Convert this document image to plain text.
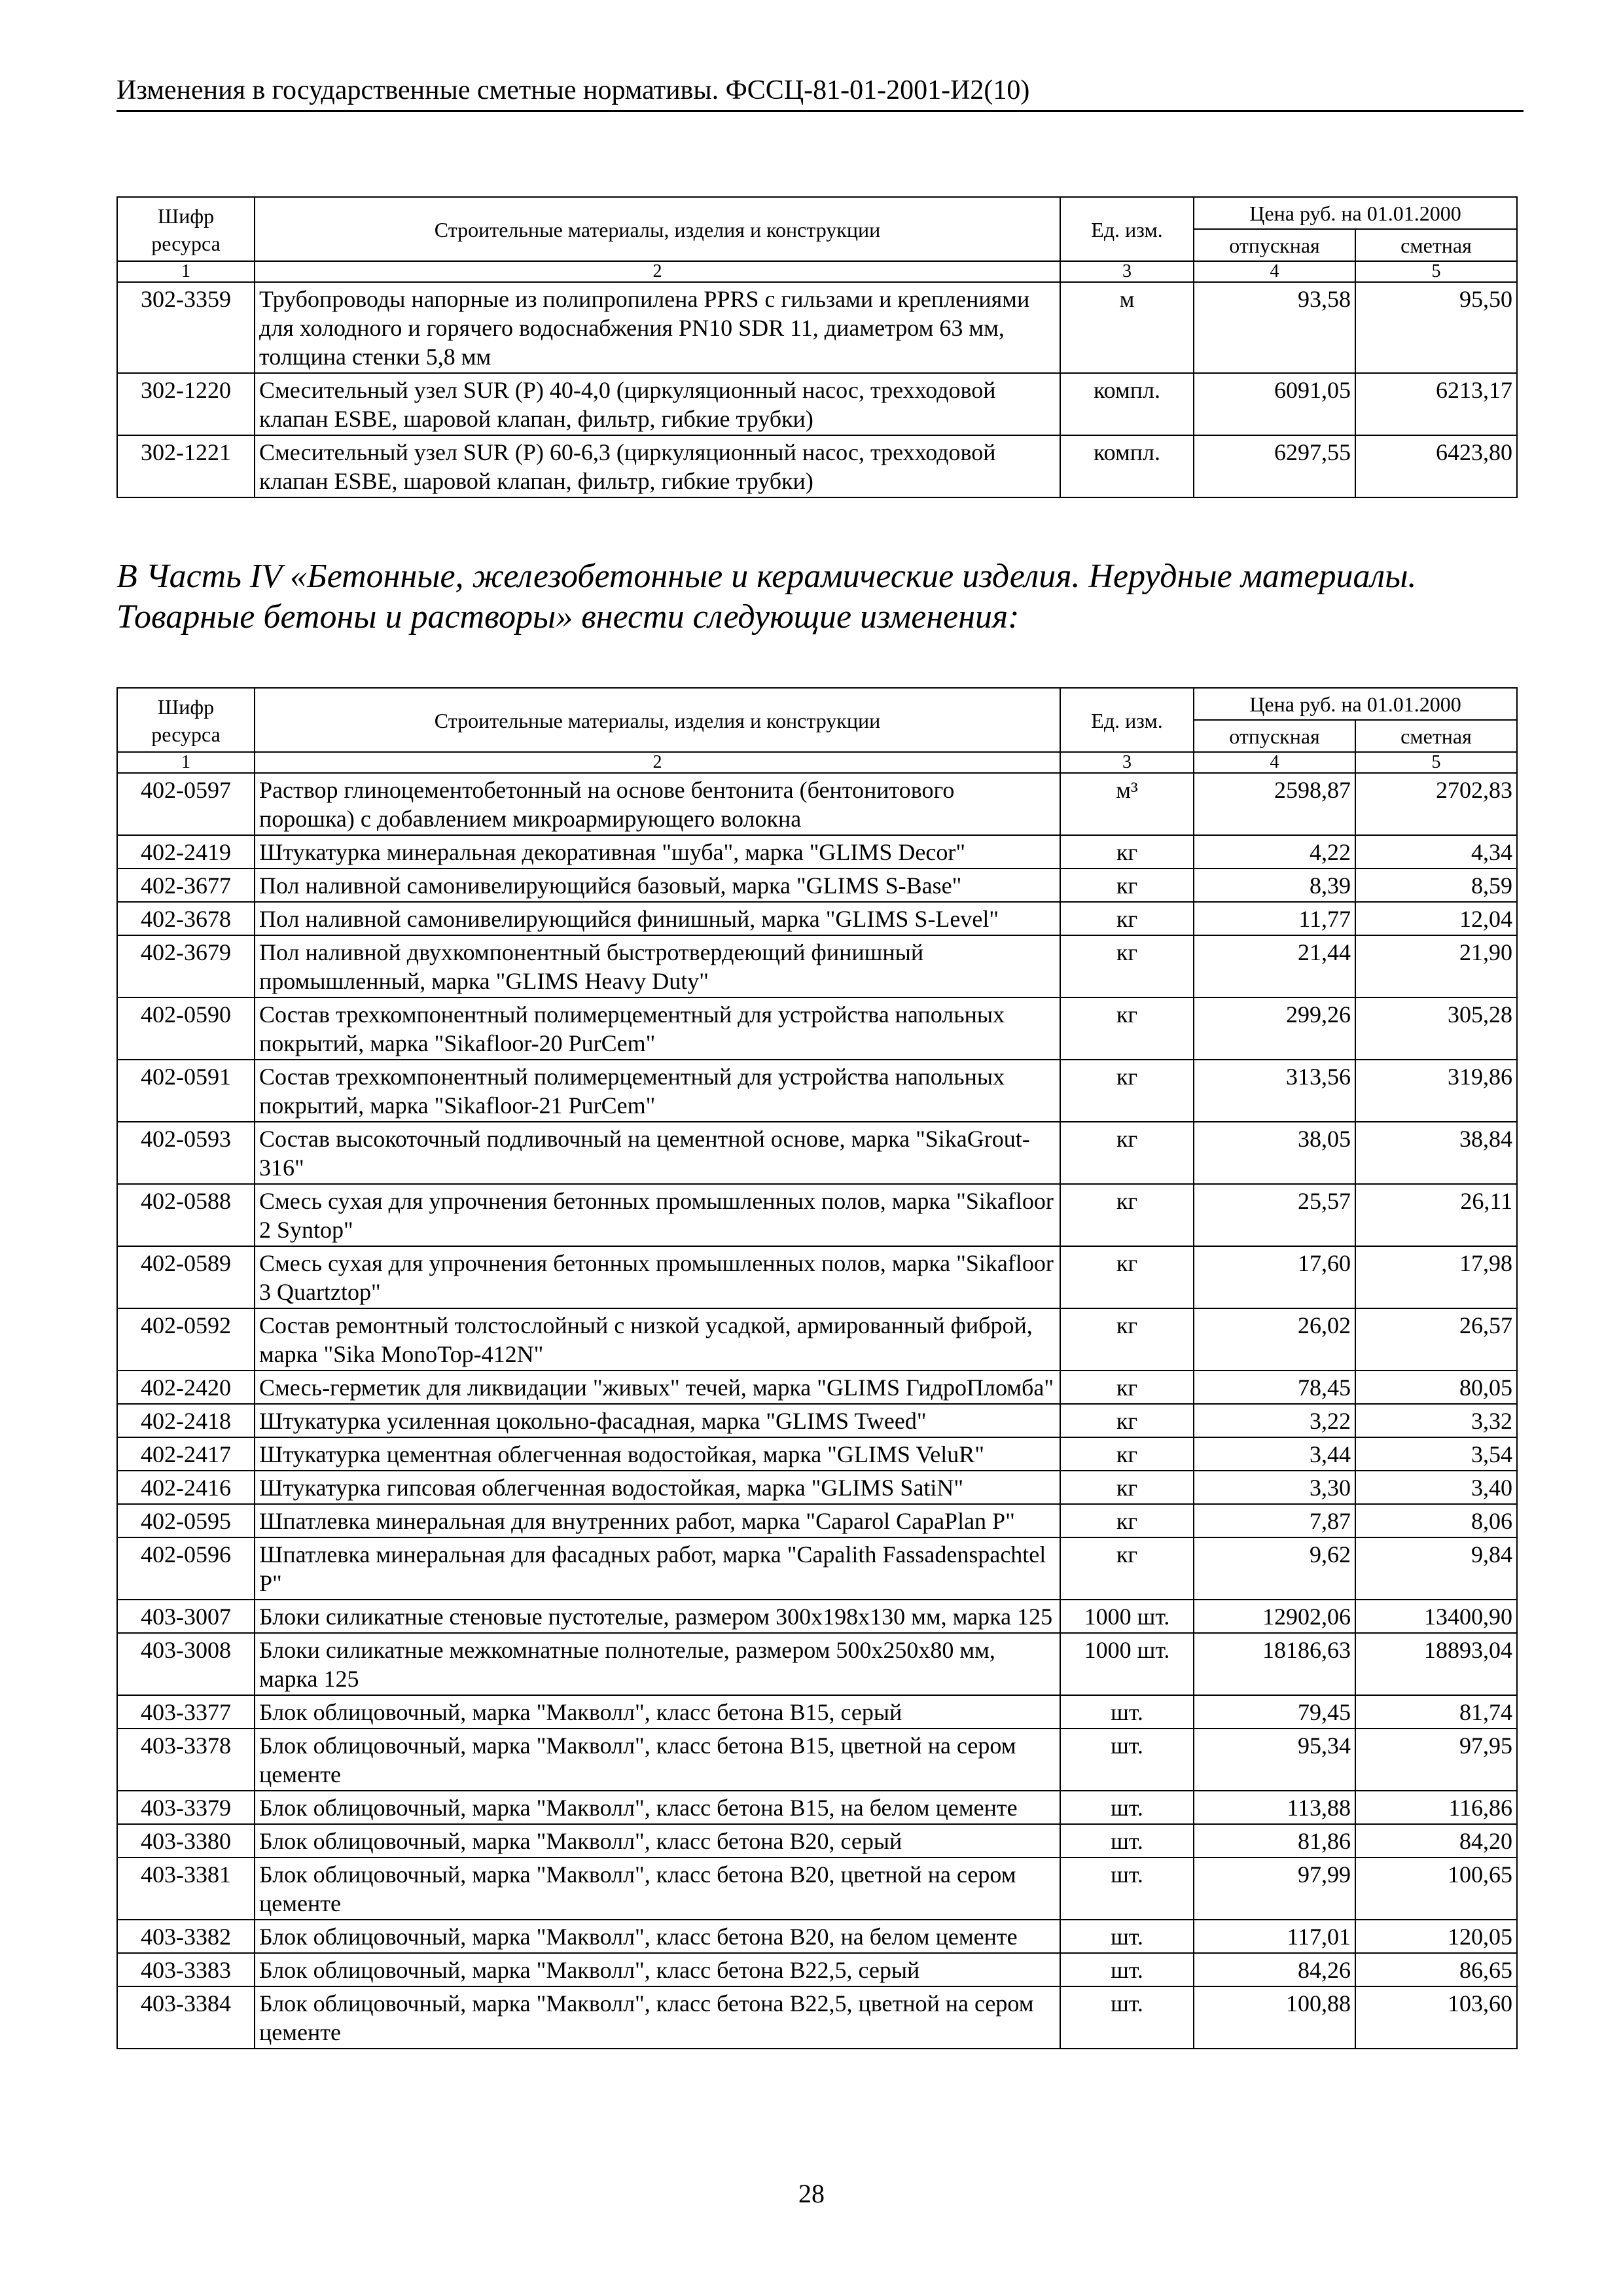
Изменения в государственные сметные нормативы. ФССЦ-81-01-2001-И2(10)
Шифр ресурса	Строительные материалы, изделия и конструкции	Ед. изм.	Цена руб. на 01.01.2000	
			отпускная	сметная
1	2	3	4	5
302-3359	Трубопроводы напорные из полипропилена PPRS с гильзами и креплениями для холодного и горячего водоснабжения PN10 SDR 11, диаметром 63 мм, толщина стенки 5,8 мм	м	93,58	95,50
302-1220	Смесительный узел SUR (P) 40-4,0 (циркуляционный насос, трехходовой клапан ESBE, шаровой клапан, фильтр, гибкие трубки)	компл.	6091,05	6213,17
302-1221	Смесительный узел SUR (P) 60-6,3 (циркуляционный насос, трехходовой клапан ESBE, шаровой клапан, фильтр, гибкие трубки)	компл.	6297,55	6423,80
В Часть IV «Бетонные, железобетонные и керамические изделия. Нерудные материалы. Товарные бетоны и растворы» внести следующие изменения:
Шифр ресурса	Строительные материалы, изделия и конструкции	Ед. изм.	Цена руб. на 01.01.2000	
			отпускная	сметная
1	2	3	4	5
402-0597	Раствор глиноцементобетонный на основе бентонита (бентонитового порошка) с добавлением микроармирующего волокна	м³	2598,87	2702,83
402-2419	Штукатурка минеральная декоративная "шуба", марка "GLIMS Decor"	кг	4,22	4,34
402-3677	Пол наливной самонивелирующийся базовый, марка "GLIMS S-Base"	кг	8,39	8,59
402-3678	Пол наливной самонивелирующийся финишный, марка "GLIMS S-Level"	кг	11,77	12,04
402-3679	Пол наливной двухкомпонентный быстротвердеющий финишный промышленный, марка "GLIMS Heavy Duty"	кг	21,44	21,90
402-0590	Состав трехкомпонентный полимерцементный для устройства напольных покрытий, марка "Sikafloor-20 PurCem"	кг	299,26	305,28
402-0591	Состав трехкомпонентный полимерцементный для устройства напольных покрытий, марка "Sikafloor-21 PurCem"	кг	313,56	319,86
402-0593	Состав высокоточный подливочный на цементной основе, марка "SikaGrout-316"	кг	38,05	38,84
402-0588	Смесь сухая для упрочнения бетонных промышленных полов, марка "Sikafloor 2 Syntop"	кг	25,57	26,11
402-0589	Смесь сухая для упрочнения бетонных промышленных полов, марка "Sikafloor 3 Quartztop"	кг	17,60	17,98
402-0592	Состав ремонтный толстослойный с низкой усадкой, армированный фиброй, марка "Sika MonoTop-412N"	кг	26,02	26,57
402-2420	Смесь-герметик для ликвидации "живых" течей, марка "GLIMS ГидроПломба"	кг	78,45	80,05
402-2418	Штукатурка усиленная цокольно-фасадная, марка "GLIMS Tweed"	кг	3,22	3,32
402-2417	Штукатурка цементная облегченная водостойкая, марка "GLIMS VeluR"	кг	3,44	3,54
402-2416	Штукатурка гипсовая облегченная водостойкая, марка "GLIMS SatiN"	кг	3,30	3,40
402-0595	Шпатлевка минеральная для внутренних работ, марка "Caparol CapaPlan P"	кг	7,87	8,06
402-0596	Шпатлевка минеральная для фасадных работ, марка "Capalith Fassadenspachtel P"	кг	9,62	9,84
403-3007	Блоки силикатные стеновые пустотелые, размером 300х198х130 мм, марка 125	1000 шт.	12902,06	13400,90
403-3008	Блоки силикатные межкомнатные полнотелые, размером 500х250х80 мм, марка 125	1000 шт.	18186,63	18893,04
403-3377	Блок облицовочный, марка "Макволл", класс бетона В15, серый	шт.	79,45	81,74
403-3378	Блок облицовочный, марка "Макволл", класс бетона В15, цветной на сером цементе	шт.	95,34	97,95
403-3379	Блок облицовочный, марка "Макволл", класс бетона В15, на белом цементе	шт.	113,88	116,86
403-3380	Блок облицовочный, марка "Макволл", класс бетона В20, серый	шт.	81,86	84,20
403-3381	Блок облицовочный, марка "Макволл", класс бетона В20, цветной на сером цементе	шт.	97,99	100,65
403-3382	Блок облицовочный, марка "Макволл", класс бетона В20, на белом цементе	шт.	117,01	120,05
403-3383	Блок облицовочный, марка "Макволл", класс бетона В22,5, серый	шт.	84,26	86,65
403-3384	Блок облицовочный, марка "Макволл", класс бетона В22,5, цветной на сером цементе	шт.	100,88	103,60
28
